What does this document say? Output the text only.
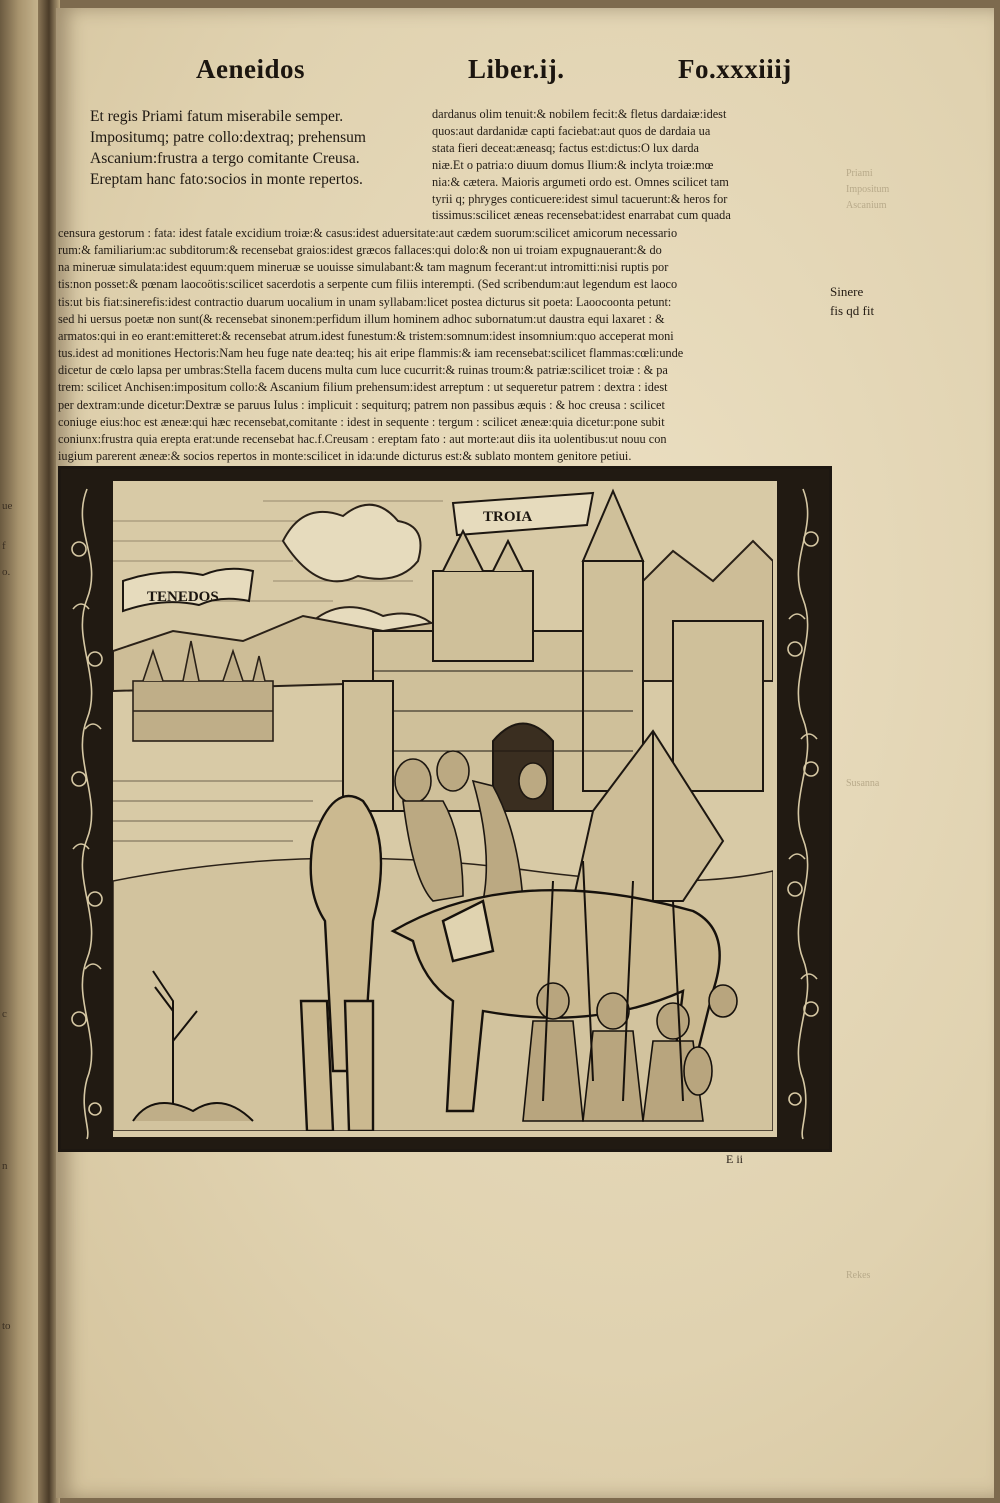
ue
f
o.
c
n
to
Aeneidos	Liber.ij.	Fo.xxxiiij
Et regis Priami fatum miserabile semper.
Impositumq; patre collo:dextraq; prehensum
Ascanium:frustra a tergo comitante Creusa.
Ereptam hanc fato:socios in monte repertos.
dardanus olim tenuit:& nobilem fecit:& fletus dardaiæ:idest
quos:aut dardanidæ capti faciebat:aut quos de dardaia ua
stata fieri deceat:æneasq; factus est:dictus:O lux darda
niæ.Et o patria:o diuum domus Ilium:& inclyta troiæ:mœ
nia:& cætera. Maioris argumeti ordo est. Omnes scilicet tam
tyrii q; phryges conticuere:idest simul tacuerunt:& heros for
tissimus:scilicet æneas recensebat:idest enarrabat cum quada
censura gestorum : fata: idest fatale excidium troiæ:& casus:idest aduersitate:aut cædem suorum:scilicet amicorum necessario
rum:& familiarium:ac subditorum:& recensebat graios:idest græcos fallaces:qui dolo:& non ui troiam expugnauerant:& do
na mineruæ simulata:idest equum:quem mineruæ se uouisse simulabant:& tam magnum fecerant:ut intromitti:nisi ruptis por
tis:non posset:& pœnam laocoötis:scilicet sacerdotis a serpente cum filiis interempti. (Sed scribendum:aut legendum est laoco
tis:ut bis fiat:sinerefis:idest contractio duarum uocalium in unam syllabam:licet postea dicturus sit poeta: Laoocoonta petunt:
sed hi uersus poetæ non sunt(& recensebat sinonem:perfidum illum hominem adhoc subornatum:ut daustra equi laxaret : &
armatos:qui in eo erant:emitteret:& recensebat atrum.idest funestum:& tristem:somnum:idest insomnium:quo acceperat moni
tus.idest ad monitiones Hectoris:Nam heu fuge nate dea:teq; his ait eripe flammis:& iam recensebat:scilicet flammas:cœli:unde
dicetur de cœlo lapsa per umbras:Stella facem ducens multa cum luce cucurrit:& ruinas troum:& patriæ:scilicet troiæ : & pa
trem: scilicet Anchisen:impositum collo:& Ascanium filium prehensum:idest arreptum : ut sequeretur patrem : dextra : idest
per dextram:unde dicetur:Dextræ se paruus Iulus : implicuit : sequiturq; patrem non passibus æquis : & hoc creusa : scilicet
coniuge eius:hoc est æneæ:qui hæc recensebat,comitante : idest in sequente : tergum : scilicet æneæ:quia dicetur:pone subit
coniunx:frustra quia erepta erat:unde recensebat hac.f.Creusam : ereptam fato : aut morte:aut diis ita uolentibus:ut nouu con
iugium parerent æneæ:& socios repertos in monte:scilicet in ida:unde dicturus est:& sublato montem genitore petiui.
Sinere
fis qd fit
Priami
Impositum
Ascanium
Susanna
Rekes
TENEDOS
TROIA
E ii
